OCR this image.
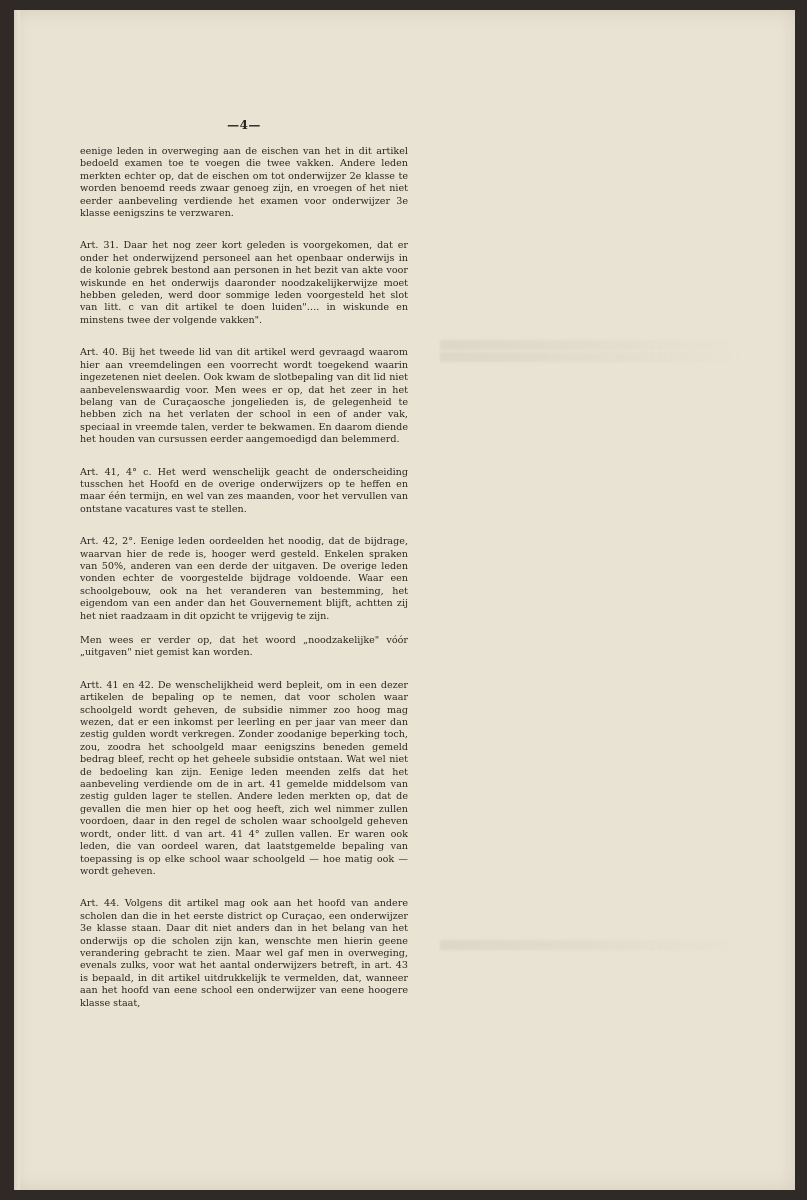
—4—

eenige leden in overweging aan de eischen van het in dit artikel bedoeld examen toe te voegen die twee vakken. Andere leden merkten echter op, dat de eischen om tot onderwijzer 2e klasse te worden benoemd reeds zwaar genoeg zijn, en vroegen of het niet eerder aanbeveling verdiende het examen voor onderwijzer 3e klasse eenigszins te verzwaren.

Art. 31. Daar het nog zeer kort geleden is voorgekomen, dat er onder het onderwijzend personeel aan het openbaar onderwijs in de kolonie gebrek bestond aan personen in het bezit van akte voor wiskunde en het onderwijs daaronder noodzakelijkerwijze moet hebben geleden, werd door sommige leden voorgesteld het slot van litt. c van dit artikel te doen luiden"…. in wiskunde en minstens twee der volgende vakken".

Art. 40. Bij het tweede lid van dit artikel werd gevraagd waarom hier aan vreemdelingen een voorrecht wordt toegekend waarin ingezetenen niet deelen. Ook kwam de slotbepaling van dit lid niet aanbevelenswaardig voor. Men wees er op, dat het zeer in het belang van de Curaçaosche jongelieden is, de gelegenheid te hebben zich na het verlaten der school in een of ander vak, speciaal in vreemde talen, verder te bekwamen. En daarom diende het houden van cursussen eerder aangemoedigd dan belemmerd.

Art. 41, 4° c. Het werd wenschelijk geacht de onderscheiding tusschen het Hoofd en de overige onderwijzers op te heffen en maar één termijn, en wel van zes maanden, voor het vervullen van ontstane vacatures vast te stellen.

Art. 42, 2°. Eenige leden oordeelden het noodig, dat de bijdrage, waarvan hier de rede is, hooger werd gesteld. Enkelen spraken van 50%, anderen van een derde der uitgaven. De overige leden vonden echter de voorgestelde bijdrage voldoende. Waar een schoolgebouw, ook na het veranderen van bestemming, het eigendom van een ander dan het Gouvernement blijft, achtten zij het niet raadzaam in dit opzicht te vrijgevig te zijn.

Men wees er verder op, dat het woord „noodzakelijke" vóór „uitgaven" niet gemist kan worden.

Artt. 41 en 42. De wenschelijkheid werd bepleit, om in een dezer artikelen de bepaling op te nemen, dat voor scholen waar schoolgeld wordt geheven, de subsidie nimmer zoo hoog mag wezen, dat er een inkomst per leerling en per jaar van meer dan zestig gulden wordt verkregen. Zonder zoodanige beperking toch, zou, zoodra het schoolgeld maar eenigszins beneden gemeld bedrag bleef, recht op het geheele subsidie ontstaan. Wat wel niet de bedoeling kan zijn. Eenige leden meenden zelfs dat het aanbeveling verdiende om de in art. 41 gemelde middelsom van zestig gulden lager te stellen. Andere leden merkten op, dat de gevallen die men hier op het oog heeft, zich wel nimmer zullen voordoen, daar in den regel de scholen waar schoolgeld geheven wordt, onder litt. d van art. 41 4° zullen vallen. Er waren ook leden, die van oordeel waren, dat laatstgemelde bepaling van toepassing is op elke school waar schoolgeld — hoe matig ook — wordt geheven.

Art. 44. Volgens dit artikel mag ook aan het hoofd van andere scholen dan die in het eerste district op Curaçao, een onderwijzer 3e klasse staan. Daar dit niet anders dan in het belang van het onderwijs op die scholen zijn kan, wenschte men hierin geene verandering gebracht te zien. Maar wel gaf men in overweging, evenals zulks, voor wat het aantal onderwijzers betreft, in art. 43 is bepaald, in dit artikel uitdrukkelijk te vermelden, dat, wanneer aan het hoofd van eene school een onderwijzer van eene hoogere klasse staat,
